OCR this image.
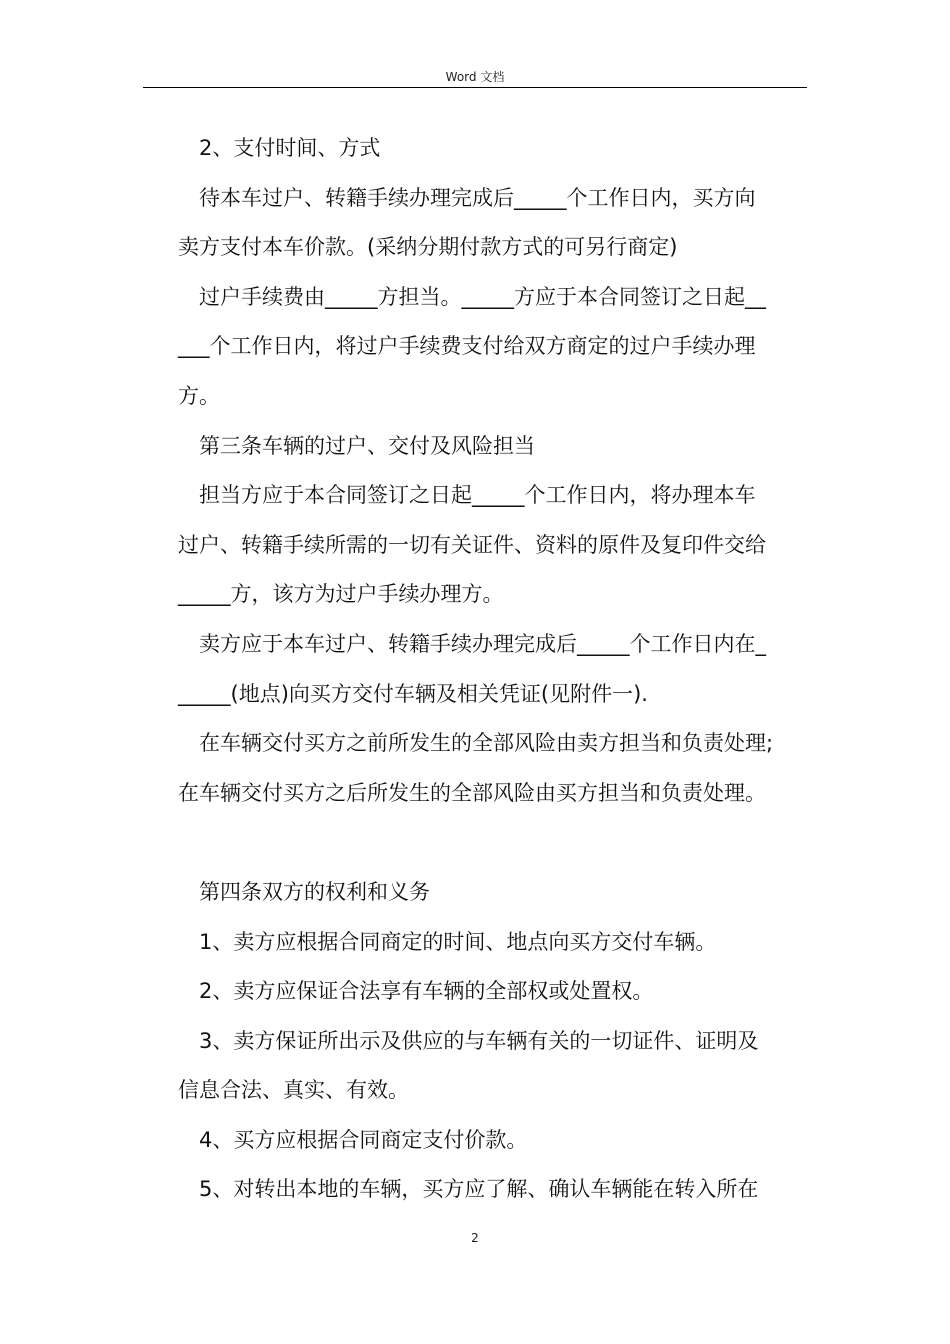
Word 文档
2、支付时间、方式
待本车过户、转籍手续办理完成后_____个工作日内，买方向
卖方支付本车价款。(采纳分期付款方式的可另行商定)
过户手续费由_____方担当。_____方应于本合同签订之日起__
___个工作日内，将过户手续费支付给双方商定的过户手续办理
方。
第三条车辆的过户、交付及风险担当
担当方应于本合同签订之日起_____个工作日内，将办理本车
过户、转籍手续所需的一切有关证件、资料的原件及复印件交给
_____方，该方为过户手续办理方。
卖方应于本车过户、转籍手续办理完成后_____个工作日内在_
_____(地点)向买方交付车辆及相关凭证(见附件一).
在车辆交付买方之前所发生的全部风险由卖方担当和负责处理;
在车辆交付买方之后所发生的全部风险由买方担当和负责处理。
第四条双方的权利和义务
1、卖方应根据合同商定的时间、地点向买方交付车辆。
2、卖方应保证合法享有车辆的全部权或处置权。
3、卖方保证所出示及供应的与车辆有关的一切证件、证明及
信息合法、真实、有效。
4、买方应根据合同商定支付价款。
5、对转出本地的车辆，买方应了解、确认车辆能在转入所在
2
